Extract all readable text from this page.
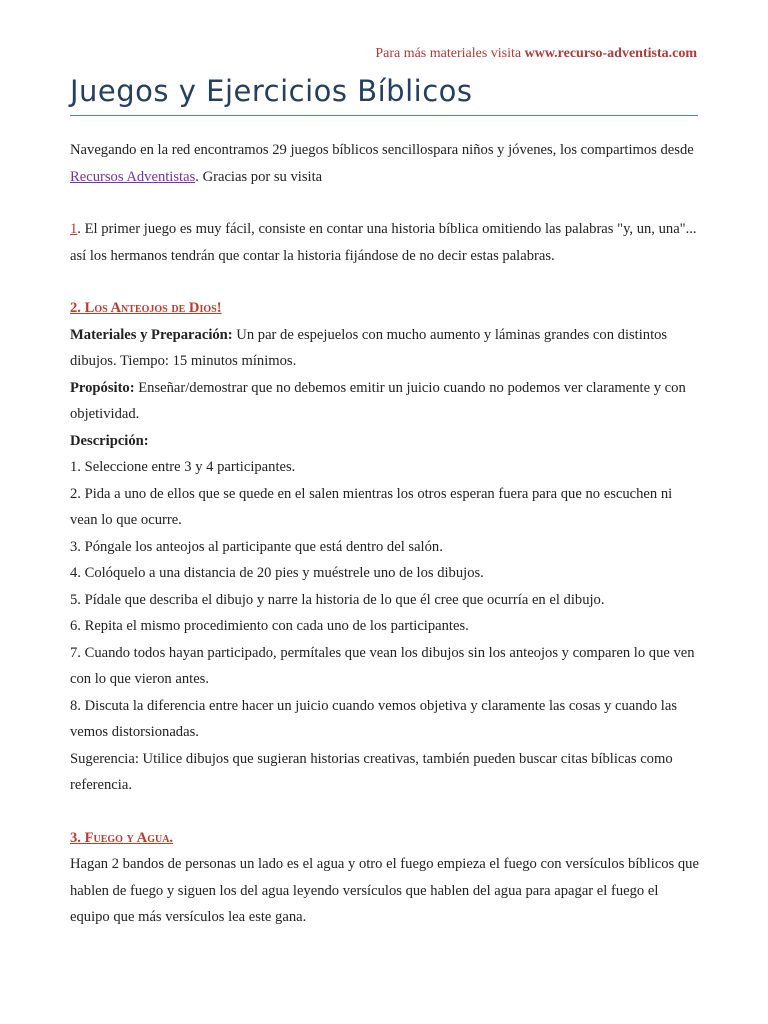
Para más materiales visita www.recurso-adventista.com
Juegos y Ejercicios Bíblicos

Navegando en la red encontramos 29 juegos bíblicos sencillospara niños y jóvenes, los compartimos desde Recursos Adventistas. Gracias por su visita

1. El primer juego es muy fácil, consiste en contar una historia bíblica omitiendo las palabras "y, un, una"... así los hermanos tendrán que contar la historia fijándose de no decir estas palabras.

2. Los Anteojos de Dios!

Materiales y Preparación: Un par de espejuelos con mucho aumento y láminas grandes con distintos dibujos. Tiempo: 15 minutos mínimos.

Propósito: Enseñar/demostrar que no debemos emitir un juicio cuando no podemos ver claramente y con objetividad.

Descripción:

1. Seleccione entre 3 y 4 participantes.

2. Pida a uno de ellos que se quede en el salen mientras los otros esperan fuera para que no escuchen ni vean lo que ocurre.

3. Póngale los anteojos al participante que está dentro del salón.

4. Colóquelo a una distancia de 20 pies y muéstrele uno de los dibujos.

5. Pídale que describa el dibujo y narre la historia de lo que él cree que ocurría en el dibujo.

6. Repita el mismo procedimiento con cada uno de los participantes.

7. Cuando todos hayan participado, permítales que vean los dibujos sin los anteojos y comparen lo que ven con lo que vieron antes.

8. Discuta la diferencia entre hacer un juicio cuando vemos objetiva y claramente las cosas y cuando las vemos distorsionadas.

Sugerencia: Utilice dibujos que sugieran historias creativas, también pueden buscar citas bíblicas como referencia.

3. Fuego y Agua.

Hagan 2 bandos de personas un lado es el agua y otro el fuego empieza el fuego con versículos bíblicos que hablen de fuego y siguen los del agua leyendo versículos que hablen del agua para apagar el fuego el equipo que más versículos lea este gana.
